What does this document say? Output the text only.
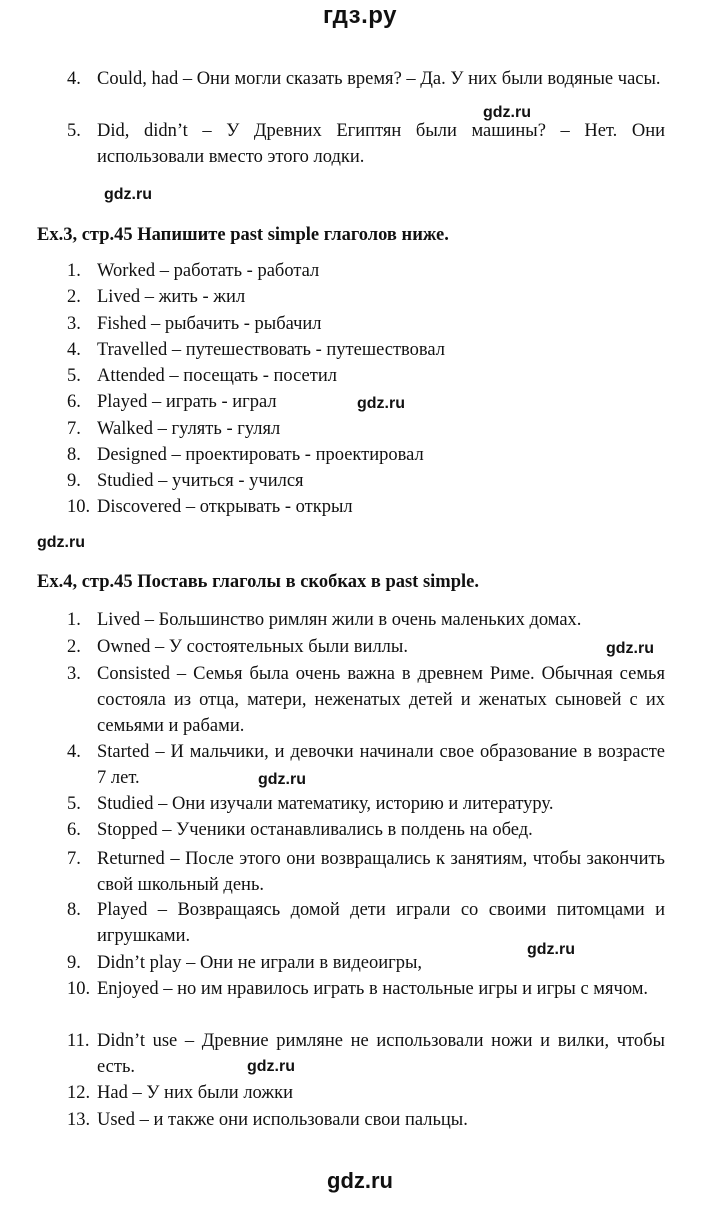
гдз.ру
4. Could, had – Они могли сказать время? – Да. У них были водяные часы.
5. Did, didn’t – У Древних Египтян были машины? – Нет. Они использовали вместо этого лодки.
Ex.3, стр.45 Напишите past simple глаголов ниже.
1. Worked – работать - работал
2. Lived – жить - жил
3. Fished – рыбачить - рыбачил
4. Travelled – путешествовать - путешествовал
5. Attended – посещать - посетил
6. Played – играть - играл
7. Walked – гулять - гулял
8. Designed – проектировать - проектировал
9. Studied – учиться - учился
10. Discovered – открывать - открыл
Ex.4, стр.45 Поставь глаголы в скобках в past simple.
1. Lived – Большинство римлян жили в очень маленьких домах.
2. Owned – У состоятельных были виллы.
3. Consisted – Семья была очень важна в древнем Риме. Обычная семья состояла из отца, матери, неженатых детей и женатых сыновей с их семьями и рабами.
4. Started – И мальчики, и девочки начинали свое образование в возрасте 7 лет.
5. Studied – Они изучали математику, историю и литературу.
6. Stopped – Ученики останавливались в полдень на обед.
7. Returned – После этого они возвращались к занятиям, чтобы закончить свой школьный день.
8. Played – Возвращаясь домой дети играли со своими питомцами и игрушками.
9. Didn’t play – Они не играли в видеоигры,
10. Enjoyed – но им нравилось играть в настольные игры и игры с мячом.
11. Didn’t use – Древние римляне не использовали ножи и вилки, чтобы есть.
12. Had – У них были ложки
13. Used – и также они использовали свои пальцы.
gdz.ru
gdz.ru
gdz.ru
gdz.ru
gdz.ru
gdz.ru
gdz.ru
gdz.ru
gdz.ru
